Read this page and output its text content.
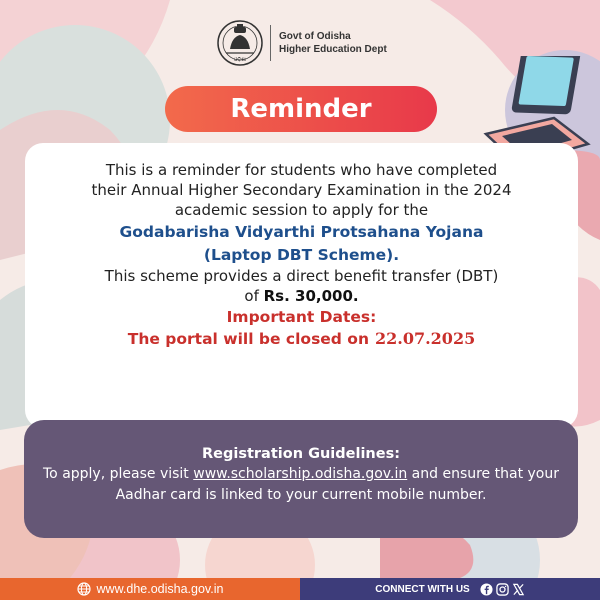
ଓଡ଼ିଶା
Govt of Odisha
Higher Education Dept
Reminder
This is a reminder for students who have completed
their Annual Higher Secondary Examination in the 2024
academic session to apply for the
Godabarisha Vidyarthi Protsahana Yojana
(Laptop DBT Scheme).
This scheme provides a direct benefit transfer (DBT)
of Rs. 30,000.
Important Dates:
The portal will be closed on 22.07.2025
Registration Guidelines:
To apply, please visit www.scholarship.odisha.gov.in and ensure that your Aadhar card is linked to your current mobile number.
www.dhe.odisha.gov.in	CONNECT WITH US
